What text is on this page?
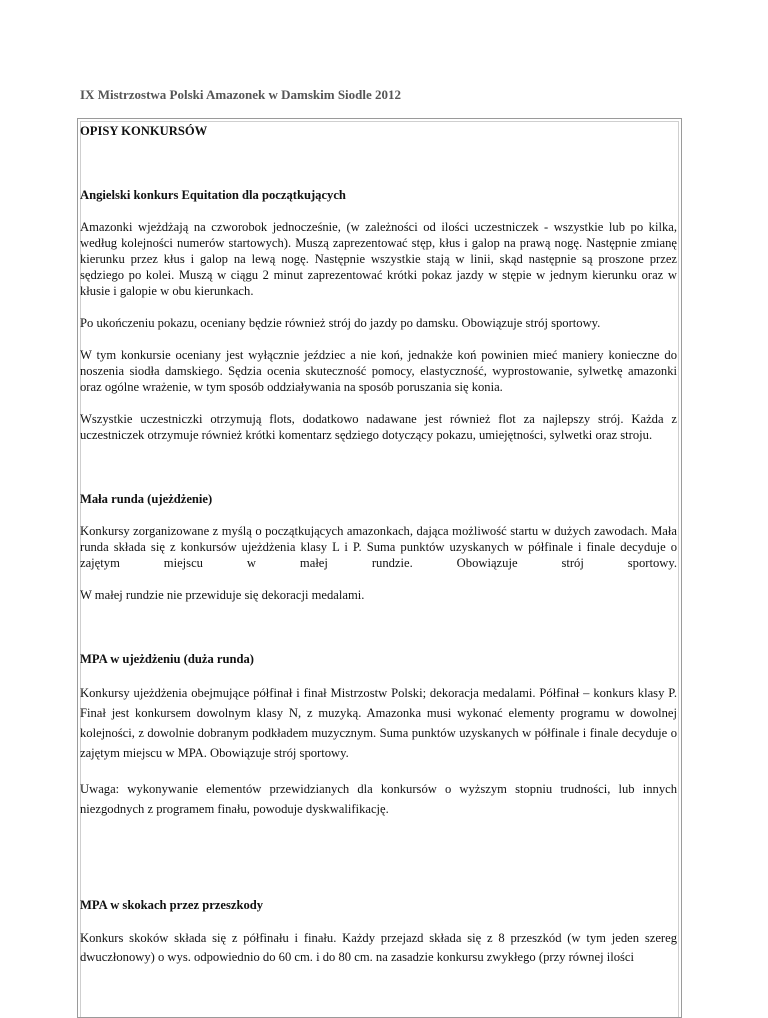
IX Mistrzostwa Polski Amazonek w Damskim Siodle 2012
OPISY KONKURSÓW
Angielski konkurs Equitation dla początkujących

Amazonki wjeżdżają na czworobok jednocześnie, (w zależności od ilości uczestniczek - wszystkie lub po kilka, według kolejności numerów startowych). Muszą zaprezentować stęp, kłus i galop na prawą nogę. Następnie zmianę kierunku przez kłus i galop na lewą nogę. Następnie wszystkie stają w linii, skąd następnie są proszone przez sędziego po kolei. Muszą w ciągu 2 minut zaprezentować krótki pokaz jazdy w stępie w jednym kierunku oraz w kłusie i galopie w obu kierunkach.

Po ukończeniu pokazu, oceniany będzie również strój do jazdy po damsku. Obowiązuje strój sportowy.

W tym konkursie oceniany jest wyłącznie jeździec a nie koń, jednakże koń powinien mieć maniery konieczne do noszenia siodła damskiego. Sędzia ocenia skuteczność pomocy, elastyczność, wyprostowanie, sylwetkę amazonki oraz ogólne wrażenie, w tym sposób oddziaływania na sposób poruszania się konia.

Wszystkie uczestniczki otrzymują flots, dodatkowo nadawane jest również flot za najlepszy strój. Każda z uczestniczek otrzymuje również krótki komentarz sędziego dotyczący pokazu, umiejętności, sylwetki oraz stroju.

Mała runda (ujeżdżenie)

Konkursy zorganizowane z myślą o początkujących amazonkach, dająca możliwość startu w dużych zawodach. Mała runda składa się z konkursów ujeżdżenia klasy L i P. Suma punktów uzyskanych w półfinale i finale decyduje o zajętym miejscu w małej rundzie. Obowiązuje strój sportowy.

W małej rundzie nie przewiduje się dekoracji medalami.

MPA w ujeżdżeniu (duża runda)

Konkursy ujeżdżenia obejmujące półfinał i finał Mistrzostw Polski; dekoracja medalami. Półfinał – konkurs klasy P. Finał jest konkursem dowolnym klasy N, z muzyką. Amazonka musi wykonać elementy programu w dowolnej kolejności, z dowolnie dobranym podkładem muzycznym. Suma punktów uzyskanych w półfinale i finale decyduje o zajętym miejscu w MPA. Obowiązuje strój sportowy.

Uwaga: wykonywanie elementów przewidzianych dla konkursów o wyższym stopniu trudności, lub innych niezgodnych z programem finału, powoduje dyskwalifikację.

MPA w skokach przez przeszkody

Konkurs skoków składa się z półfinału i finału. Każdy przejazd składa się z 8 przeszkód (w tym jeden szereg dwuczłonowy) o wys. odpowiednio do 60 cm. i do 80 cm. na zasadzie konkursu zwykłego (przy równej ilości
